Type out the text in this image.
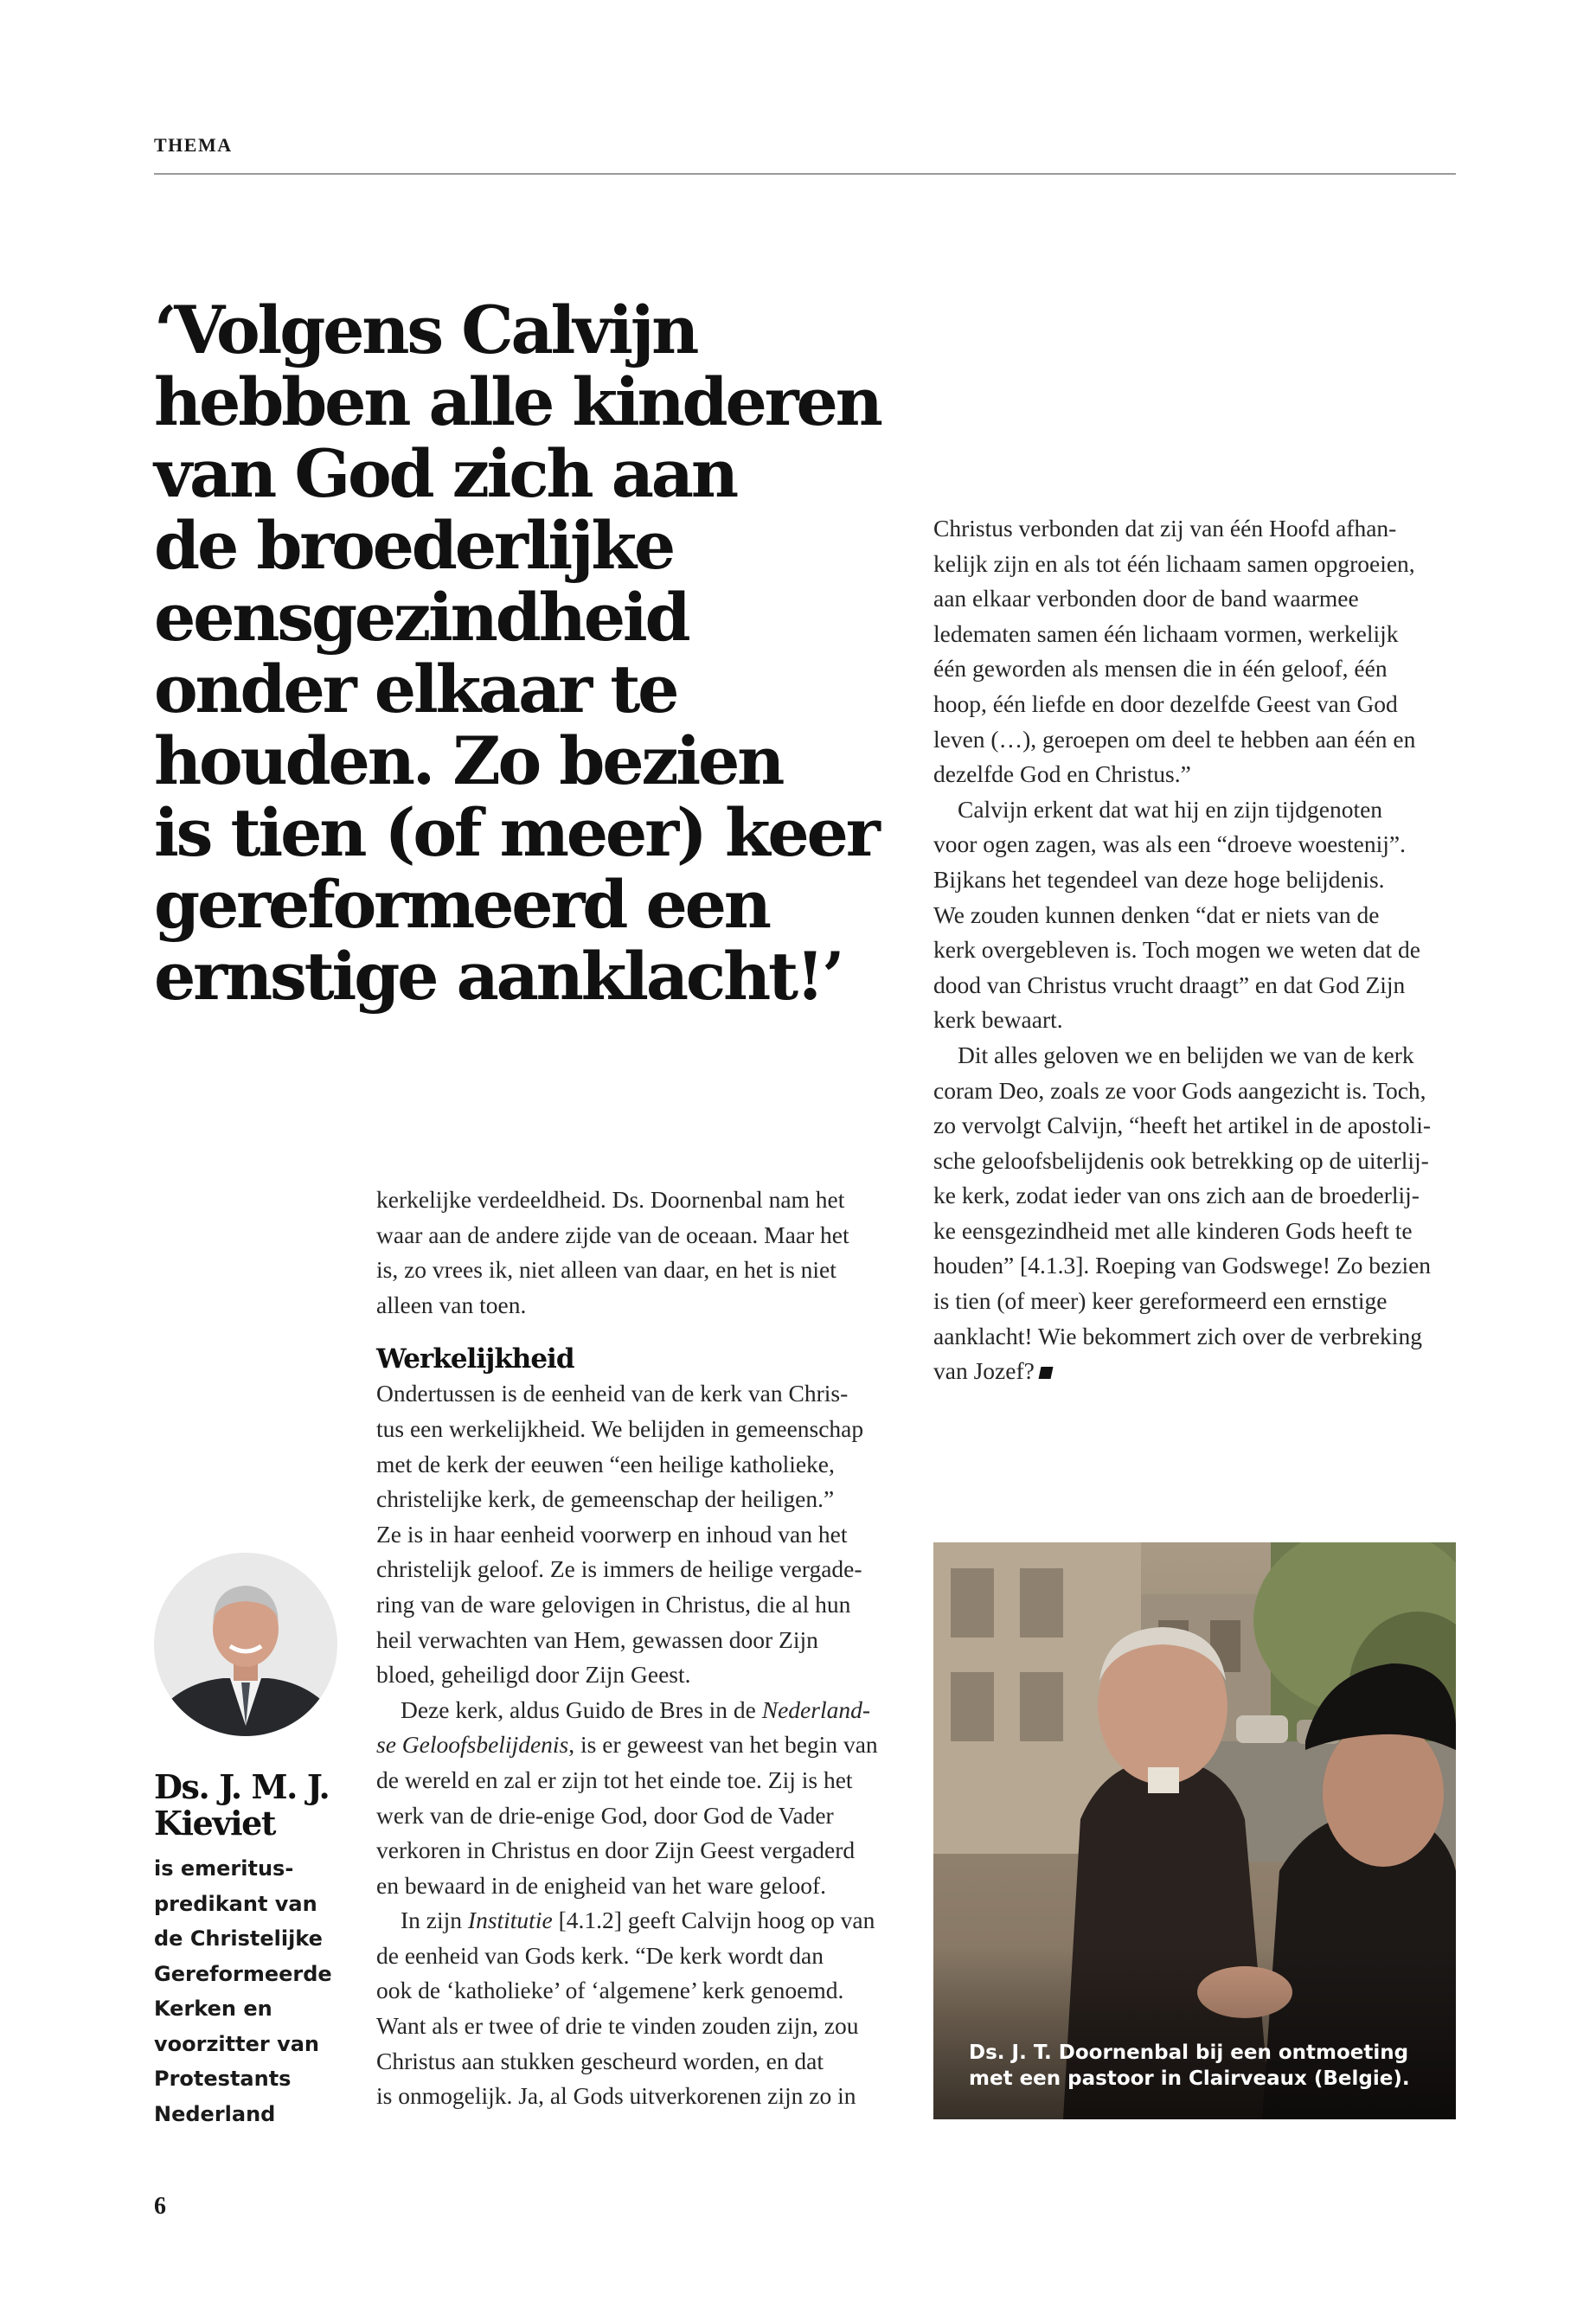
THEMA
‘Volgens Calvijn
hebben alle kinderen
van God zich aan
de broederlijke
eensgezindheid
onder elkaar te
houden. Zo bezien
is tien (of meer) keer
gereformeerd een
ernstige aanklacht!’
kerkelijke verdeeldheid. Ds. Doornenbal nam het
waar aan de andere zijde van de oceaan. Maar het
is, zo vrees ik, niet alleen van daar, en het is niet
alleen van toen.
Werkelijkheid
Ondertussen is de eenheid van de kerk van Chris-
tus een werkelijkheid. We belijden in gemeenschap
met de kerk der eeuwen “een heilige katholieke,
christelijke kerk, de gemeenschap der heiligen.”
Ze is in haar eenheid voorwerp en inhoud van het
christelijk geloof. Ze is immers de heilige vergade-
ring van de ware gelovigen in Christus, die al hun
heil verwachten van Hem, gewassen door Zijn
bloed, geheiligd door Zijn Geest.
Deze kerk, aldus Guido de Bres in de Nederland-
se Geloofsbelijdenis, is er geweest van het begin van
de wereld en zal er zijn tot het einde toe. Zij is het
werk van de drie-enige God, door God de Vader
verkoren in Christus en door Zijn Geest vergaderd
en bewaard in de enigheid van het ware geloof.
In zijn Institutie [4.1.2] geeft Calvijn hoog op van
de eenheid van Gods kerk. “De kerk wordt dan
ook de ‘katholieke’ of ‘algemene’ kerk genoemd.
Want als er twee of drie te vinden zouden zijn, zou
Christus aan stukken gescheurd worden, en dat
is onmogelijk. Ja, al Gods uitverkorenen zijn zo in
Christus verbonden dat zij van één Hoofd afhan-
kelijk zijn en als tot één lichaam samen opgroeien,
aan elkaar verbonden door de band waarmee
ledematen samen één lichaam vormen, werkelijk
één geworden als mensen die in één geloof, één
hoop, één liefde en door dezelfde Geest van God
leven (…), geroepen om deel te hebben aan één en
dezelfde God en Christus.”
Calvijn erkent dat wat hij en zijn tijdgenoten
voor ogen zagen, was als een “droeve woestenij”.
Bijkans het tegendeel van deze hoge belijdenis.
We zouden kunnen denken “dat er niets van de
kerk overgebleven is. Toch mogen we weten dat de
dood van Christus vrucht draagt” en dat God Zijn
kerk bewaart.
Dit alles geloven we en belijden we van de kerk
coram Deo, zoals ze voor Gods aangezicht is. Toch,
zo vervolgt Calvijn, “heeft het artikel in de apostoli-
sche geloofsbelijdenis ook betrekking op de uiterlij-
ke kerk, zodat ieder van ons zich aan de broederlij-
ke eensgezindheid met alle kinderen Gods heeft te
houden” [4.1.3]. Roeping van Godswege! Zo bezien
is tien (of meer) keer gereformeerd een ernstige
aanklacht! Wie bekommert zich over de verbreking
van Jozef?
Ds. J. M. J.
Kieviet
is emeritus-
predikant van
de Christelijke
Gereformeerde
Kerken en
voorzitter van
Protestants
Nederland
Ds. J. T. Doornenbal bij een ontmoeting
met een pastoor in Clairveaux (Belgie).
6
